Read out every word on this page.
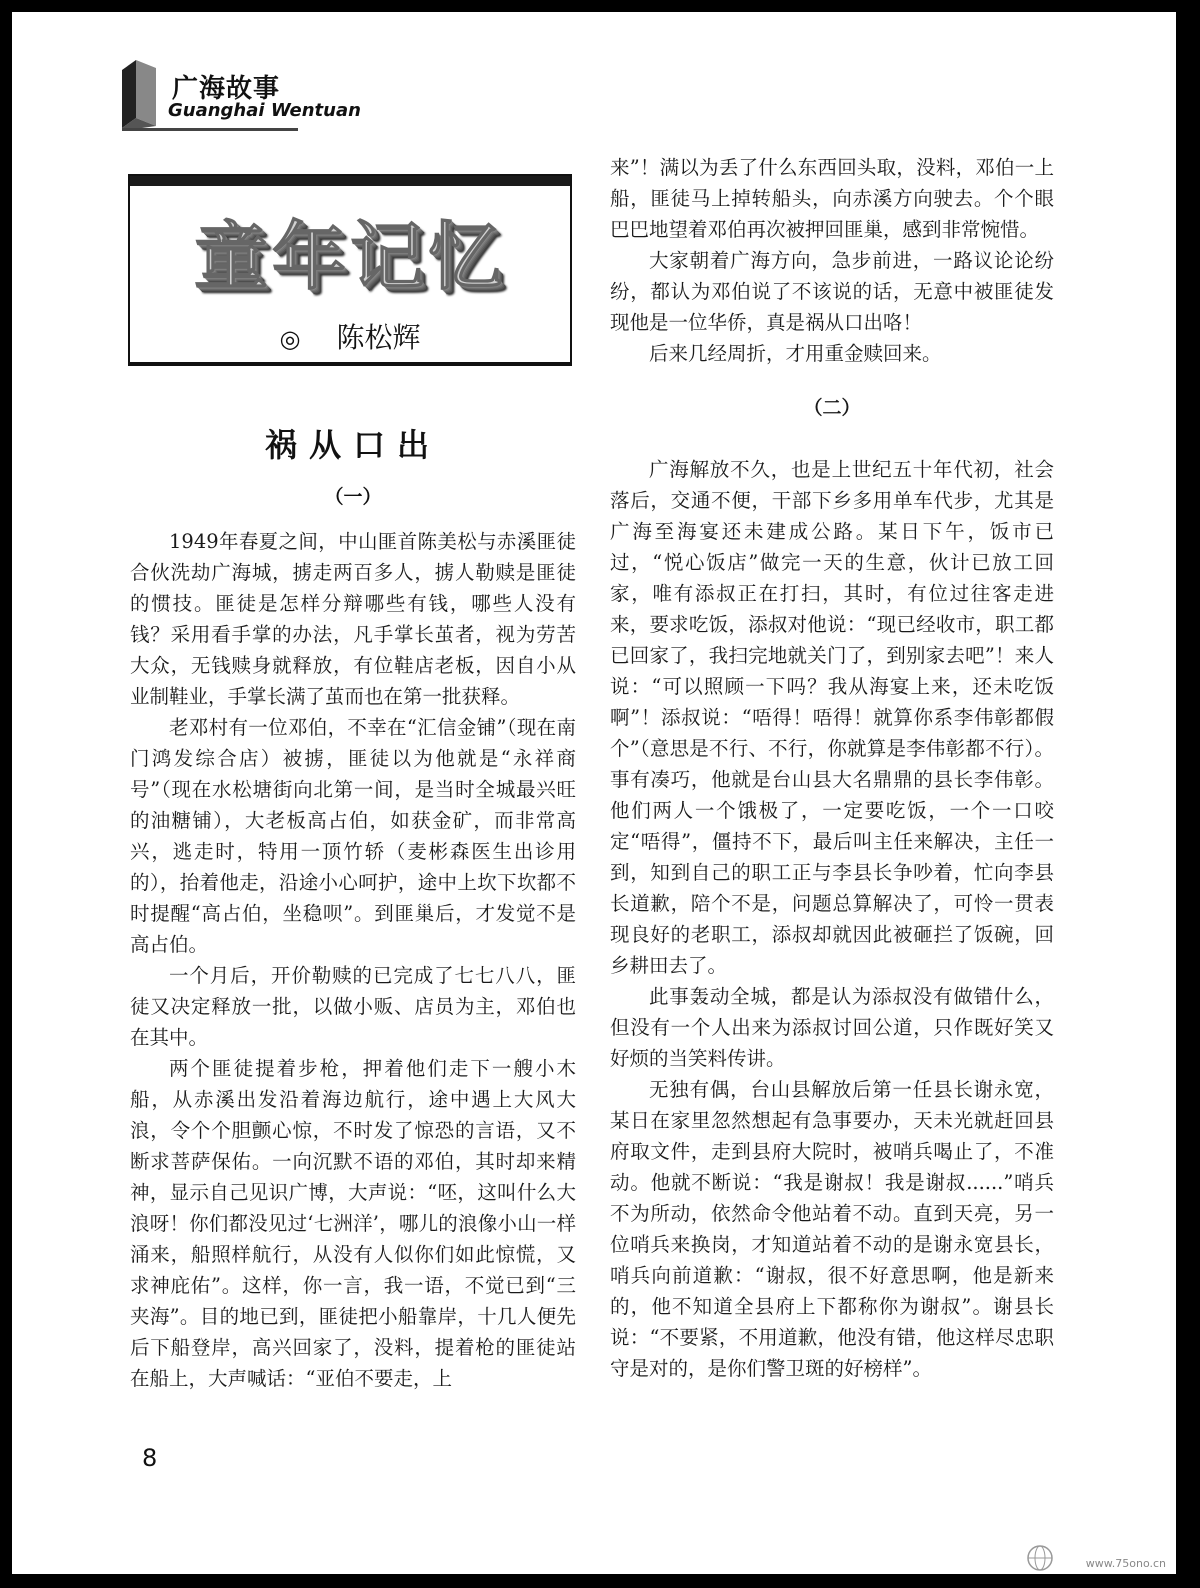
广海故事
Guanghai Wentuan
童年记忆
◎ 陈松辉
祸从口出
（一）

1949年春夏之间，中山匪首陈美松与赤溪匪徒合伙洗劫广海城，掳走两百多人，掳人勒赎是匪徒的惯技。匪徒是怎样分辩哪些有钱，哪些人没有钱？采用看手掌的办法，凡手掌长茧者，视为劳苦大众，无钱赎身就释放，有位鞋店老板，因自小从业制鞋业，手掌长满了茧而也在第一批获释。

老邓村有一位邓伯，不幸在“汇信金铺”（现在南门鸿发综合店）被掳，匪徒以为他就是“永祥商号”（现在水松塘街向北第一间，是当时全城最兴旺的油糖铺），大老板高占伯，如获金矿，而非常高兴，逃走时，特用一顶竹轿（麦彬森医生出诊用的），抬着他走，沿途小心呵护，途中上坎下坎都不时提醒“高占伯，坐稳呗”。到匪巢后，才发觉不是高占伯。

一个月后，开价勒赎的已完成了七七八八，匪徒又决定释放一批，以做小贩、店员为主，邓伯也在其中。

两个匪徒提着步枪，押着他们走下一艘小木船，从赤溪出发沿着海边航行，途中遇上大风大浪，令个个胆颤心惊，不时发了惊恐的言语，又不断求菩萨保佑。一向沉默不语的邓伯，其时却来精神，显示自己见识广博，大声说：“呸，这叫什么大浪呀！你们都没见过‘七洲洋’，哪儿的浪像小山一样涌来，船照样航行，从没有人似你们如此惊慌，又求神庇佑”。这样，你一言，我一语，不觉已到“三夹海”。目的地已到，匪徒把小船靠岸，十几人便先后下船登岸，高兴回家了，没料，提着枪的匪徒站在船上，大声喊话：“亚伯不要走，上

来”！满以为丢了什么东西回头取，没料，邓伯一上船，匪徒马上掉转船头，向赤溪方向驶去。个个眼巴巴地望着邓伯再次被押回匪巢，感到非常惋惜。

大家朝着广海方向，急步前进，一路议论论纷纷，都认为邓伯说了不该说的话，无意中被匪徒发现他是一位华侨，真是祸从口出咯！

后来几经周折，才用重金赎回来。

（二）

广海解放不久，也是上世纪五十年代初，社会落后，交通不便，干部下乡多用单车代步，尤其是广海至海宴还未建成公路。某日下午，饭市已过，“悦心饭店”做完一天的生意，伙计已放工回家，唯有添叔正在打扫，其时，有位过往客走进来，要求吃饭，添叔对他说：“现已经收市，职工都已回家了，我扫完地就关门了，到别家去吧”！来人说：“可以照顾一下吗？我从海宴上来，还未吃饭啊”！添叔说：“唔得！唔得！就算你系李伟彰都假个”（意思是不行、不行，你就算是李伟彰都不行）。事有凑巧，他就是台山县大名鼎鼎的县长李伟彰。他们两人一个饿极了，一定要吃饭，一个一口咬定“唔得”，僵持不下，最后叫主任来解决，主任一到，知到自己的职工正与李县长争吵着，忙向李县长道歉，陪个不是，问题总算解决了，可怜一贯表现良好的老职工，添叔却就因此被砸拦了饭碗，回乡耕田去了。

此事轰动全城，都是认为添叔没有做错什么，但没有一个人出来为添叔讨回公道，只作既好笑又好烦的当笑料传讲。

无独有偶，台山县解放后第一任县长谢永宽，某日在家里忽然想起有急事要办，天未光就赶回县府取文件，走到县府大院时，被哨兵喝止了，不准动。他就不断说：“我是谢叔！我是谢叔......”哨兵不为所动，依然命令他站着不动。直到天亮，另一位哨兵来换岗，才知道站着不动的是谢永宽县长，哨兵向前道歉：“谢叔，很不好意思啊，他是新来的，他不知道全县府上下都称你为谢叔”。谢县长说：“不要紧，不用道歉，他没有错，他这样尽忠职守是对的，是你们警卫斑的好榜样”。

8
www.75ono.cn
